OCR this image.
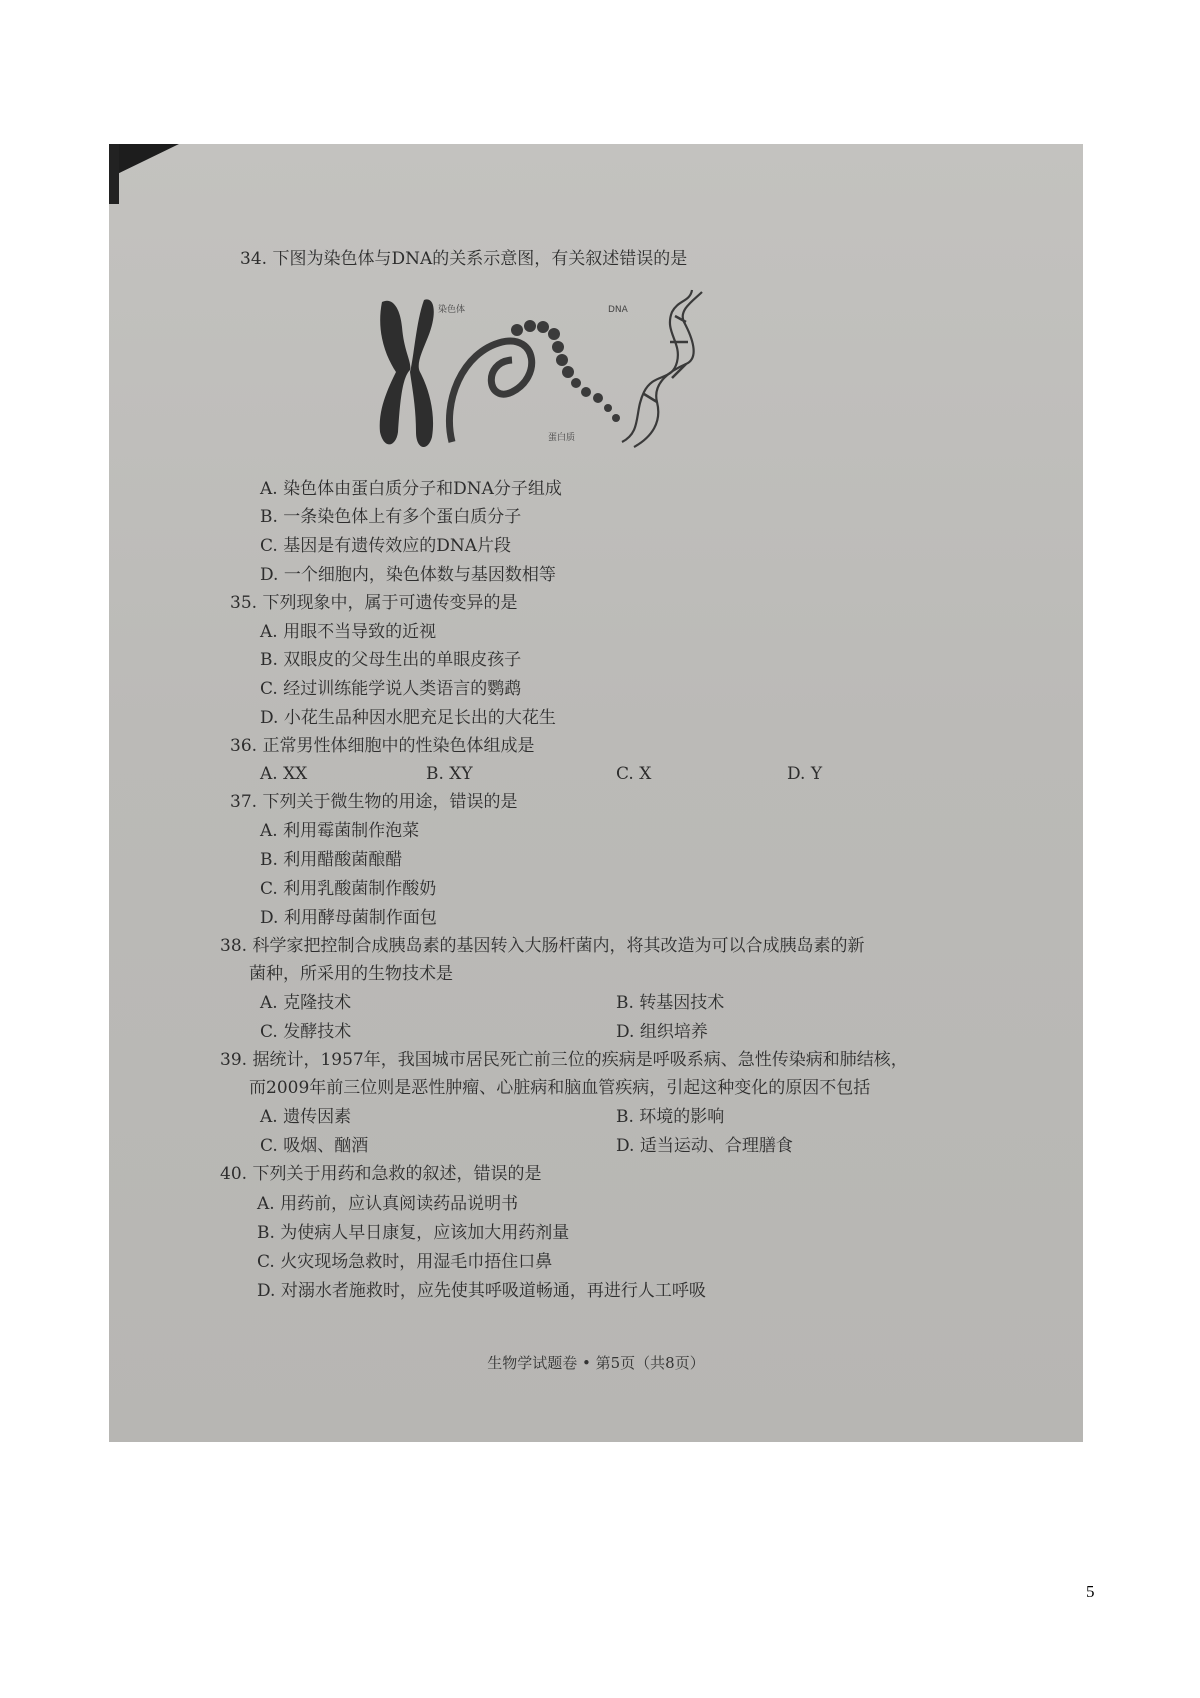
34. 下图为染色体与DNA的关系示意图，有关叙述错误的是
染色体	DNA
蛋白质
A. 染色体由蛋白质分子和DNA分子组成
B. 一条染色体上有多个蛋白质分子
C. 基因是有遗传效应的DNA片段
D. 一个细胞内，染色体数与基因数相等
35. 下列现象中，属于可遗传变异的是
A. 用眼不当导致的近视
B. 双眼皮的父母生出的单眼皮孩子
C. 经过训练能学说人类语言的鹦鹉
D. 小花生品种因水肥充足长出的大花生
36. 正常男性体细胞中的性染色体组成是
A. XX	B. XY	C. X	D. Y
37. 下列关于微生物的用途，错误的是
A. 利用霉菌制作泡菜
B. 利用醋酸菌酿醋
C. 利用乳酸菌制作酸奶
D. 利用酵母菌制作面包
38. 科学家把控制合成胰岛素的基因转入大肠杆菌内，将其改造为可以合成胰岛素的新
菌种，所采用的生物技术是
A. 克隆技术	B. 转基因技术
C. 发酵技术	D. 组织培养
39. 据统计，1957年，我国城市居民死亡前三位的疾病是呼吸系病、急性传染病和肺结核，
而2009年前三位则是恶性肿瘤、心脏病和脑血管疾病，引起这种变化的原因不包括
A. 遗传因素	B. 环境的影响
C. 吸烟、酗酒	D. 适当运动、合理膳食
40. 下列关于用药和急救的叙述，错误的是
A. 用药前，应认真阅读药品说明书
B. 为使病人早日康复，应该加大用药剂量
C. 火灾现场急救时，用湿毛巾捂住口鼻
D. 对溺水者施救时，应先使其呼吸道畅通，再进行人工呼吸
生物学试题卷 • 第5页（共8页）
5
